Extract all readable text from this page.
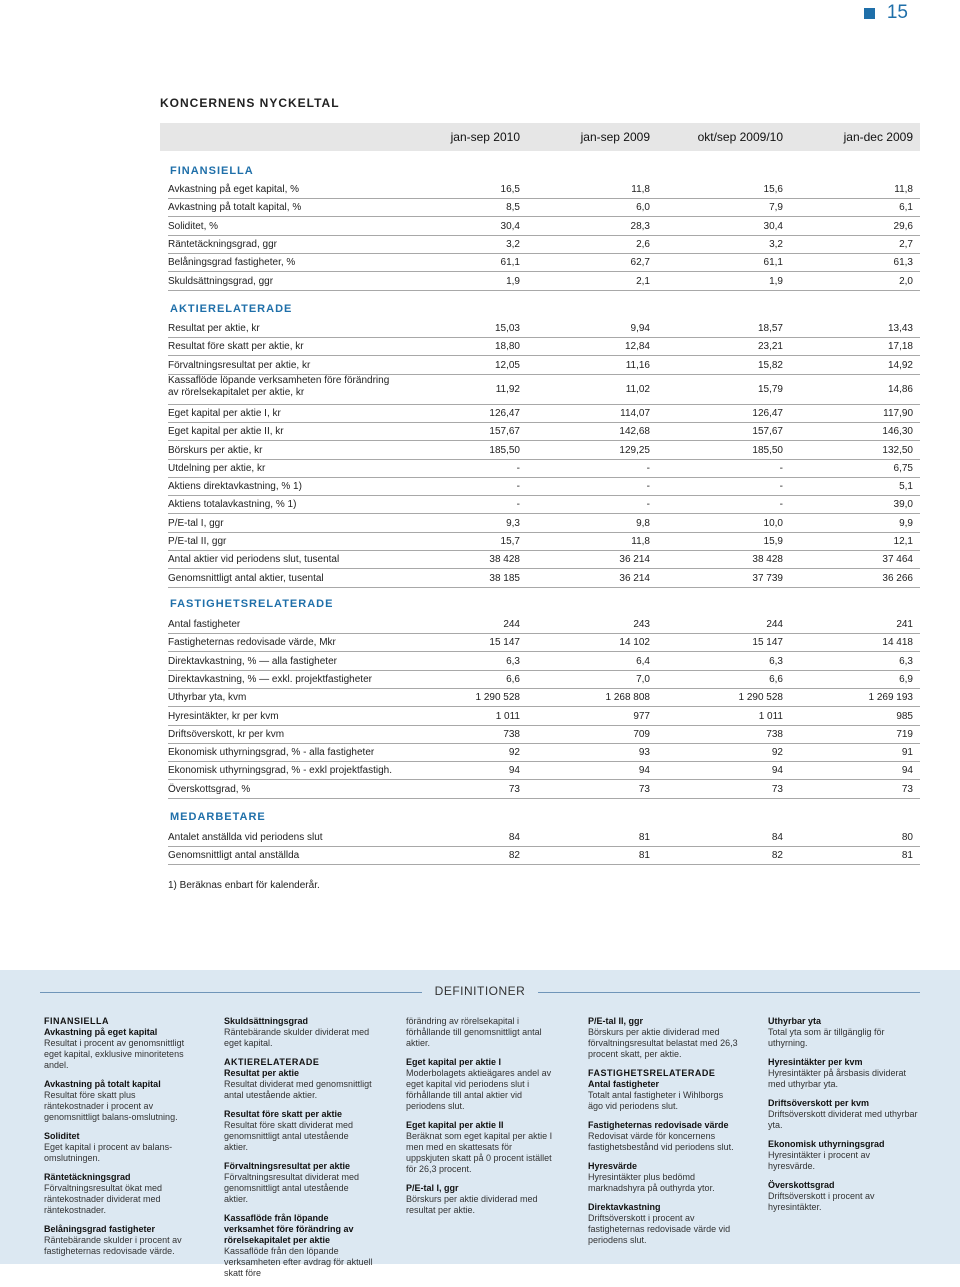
15
KONCERNENS NYCKELTAL
jan-sep 2010	jan-sep 2009	okt/sep 2009/10	jan-dec 2009
FINANSIELLA
Avkastning på eget kapital, %	16,5	11,8	15,6	11,8
Avkastning på totalt kapital, %	8,5	6,0	7,9	6,1
Soliditet, %	30,4	28,3	30,4	29,6
Räntetäckningsgrad, ggr	3,2	2,6	3,2	2,7
Belåningsgrad fastigheter, %	61,1	62,7	61,1	61,3
Skuldsättningsgrad, ggr	1,9	2,1	1,9	2,0
AKTIERELATERADE
Resultat per aktie, kr	15,03	9,94	18,57	13,43
Resultat före skatt per aktie, kr	18,80	12,84	23,21	17,18
Förvaltningsresultat per aktie, kr	12,05	11,16	15,82	14,92
Kassaflöde löpande verksamheten före förändring
av rörelsekapitalet per aktie, kr	11,92	11,02	15,79	14,86
Eget kapital per aktie I, kr	126,47	114,07	126,47	117,90
Eget kapital per aktie II, kr	157,67	142,68	157,67	146,30
Börskurs per aktie, kr	185,50	129,25	185,50	132,50
Utdelning per aktie, kr	-	-	-	6,75
Aktiens direktavkastning, % 1)	-	-	-	5,1
Aktiens totalavkastning, % 1)	-	-	-	39,0
P/E-tal I, ggr	9,3	9,8	10,0	9,9
P/E-tal II, ggr	15,7	11,8	15,9	12,1
Antal aktier vid periodens slut, tusental	38 428	36 214	38 428	37 464
Genomsnittligt antal aktier, tusental	38 185	36 214	37 739	36 266
FASTIGHETSRELATERADE
Antal fastigheter	244	243	244	241
Fastigheternas redovisade värde, Mkr	15 147	14 102	15 147	14 418
Direktavkastning, % — alla fastigheter	6,3	6,4	6,3	6,3
Direktavkastning, % — exkl. projektfastigheter	6,6	7,0	6,6	6,9
Uthyrbar yta, kvm	1 290 528	1 268 808	1 290 528	1 269 193
Hyresintäkter, kr per kvm	1 011	977	1 011	985
Driftsöverskott, kr per kvm	738	709	738	719
Ekonomisk uthyrningsgrad, % - alla fastigheter	92	93	92	91
Ekonomisk uthyrningsgrad, % - exkl projektfastigh.	94	94	94	94
Överskottsgrad, %	73	73	73	73
MEDARBETARE
Antalet anställda vid periodens slut	84	81	84	80
Genomsnittligt antal anställda	82	81	82	81
1) Beräknas enbart för kalenderår.
DEFINITIONER
FINANSIELLA
Avkastning på eget kapital
Resultat i procent av genomsnittligt eget kapital, exklusive minoritetens andel.
Avkastning på totalt kapital
Resultat före skatt plus räntekostnader i procent av genomsnittligt balans-omslutning.
Soliditet
Eget kapital i procent av balans-omslutningen.
Räntetäckningsgrad
Förvaltningsresultat ökat med räntekostnader dividerat med räntekostnader.
Belåningsgrad fastigheter
Räntebärande skulder i procent av fastigheternas redovisade värde.
Skuldsättningsgrad
Räntebärande skulder dividerat med eget kapital.
AKTIERELATERADE
Resultat per aktie
Resultat dividerat med genomsnittligt antal utestående aktier.
Resultat före skatt per aktie
Resultat före skatt dividerat med genomsnittligt antal utestående aktier.
Förvaltningsresultat per aktie
Förvaltningsresultat dividerat med genomsnittligt antal utestående aktier.
Kassaflöde från löpande verksamhet före förändring av rörelsekapitalet per aktie
Kassaflöde från den löpande verksamheten efter avdrag för aktuell skatt före
förändring av rörelsekapital i förhållande till genomsnittligt antal aktier.
Eget kapital per aktie I
Moderbolagets aktieägares andel av eget kapital vid periodens slut i förhållande till antal aktier vid periodens slut.
Eget kapital per aktie II
Beräknat som eget kapital per aktie I men med en skattesats för uppskjuten skatt på 0 procent istället för 26,3 procent.
P/E-tal I, ggr
Börskurs per aktie dividerad med resultat per aktie.
P/E-tal II, ggr
Börskurs per aktie dividerad med förvaltningsresultat belastat med 26,3 procent skatt, per aktie.
FASTIGHETSRELATERADE
Antal fastigheter
Totalt antal fastigheter i Wihlborgs ägo vid periodens slut.
Fastigheternas redovisade värde
Redovisat värde för koncernens fastighetsbestånd vid periodens slut.
Hyresvärde
Hyresintäkter plus bedömd marknadshyra på outhyrda ytor.
Direktavkastning
Driftsöverskott i procent av fastigheternas redovisade värde vid periodens slut.
Uthyrbar yta
Total yta som är tillgänglig för uthyrning.
Hyresintäkter per kvm
Hyresintäkter på årsbasis dividerat med uthyrbar yta.
Driftsöverskott per kvm
Driftsöverskott dividerat med uthyrbar yta.
Ekonomisk uthyrningsgrad
Hyresintäkter i procent av hyresvärde.
Överskottsgrad
Driftsöverskott i procent av hyresintäkter.
